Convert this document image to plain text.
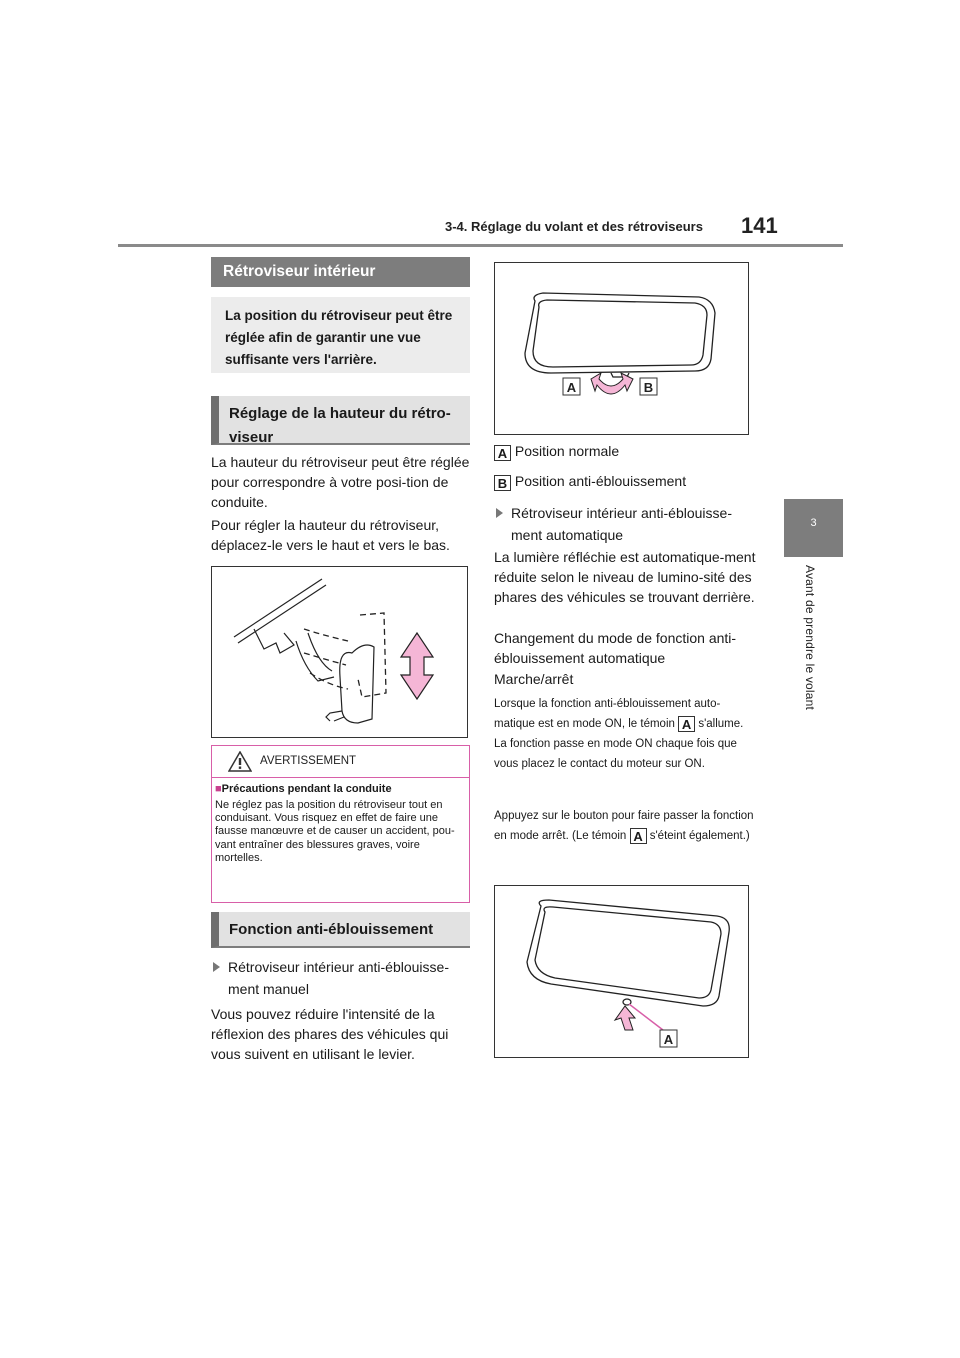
3-4. Réglage du volant et des rétroviseurs 141
3
Avant de prendre le volant
Rétroviseur intérieur
La position du rétroviseur peut être réglée afin de garantir une vue suffisante vers l'arrière.
Réglage de la hauteur du rétro-viseur
La hauteur du rétroviseur peut être réglée pour correspondre à votre posi-tion de conduite.
Pour régler la hauteur du rétroviseur, déplacez-le vers le haut et vers le bas.
AVERTISSEMENT
■Précautions pendant la conduite
Ne réglez pas la position du rétroviseur tout en conduisant. Vous risquez en effet de faire une fausse manœuvre et de causer un accident, pou-vant entraîner des blessures graves, voire mortelles.
Fonction anti-éblouissement
Rétroviseur intérieur anti-éblouisse-
ment manuel
Vous pouvez réduire l'intensité de la réflexion des phares des véhicules qui vous suivent en utilisant le levier.
A	B
A Position normale
B Position anti-éblouissement
Rétroviseur intérieur anti-éblouisse-
ment automatique
La lumière réfléchie est automatique-ment réduite selon le niveau de lumino-sité des phares des véhicules se trouvant derrière.
Changement du mode de fonction anti-éblouissement automatique
Marche/arrêt
Lorsque la fonction anti-éblouissement auto-matique est en mode ON, le témoin A s'allume. La fonction passe en mode ON chaque fois que vous placez le contact du moteur sur ON.
Appuyez sur le bouton pour faire passer la fonction en mode arrêt. (Le témoin A s'éteint également.)
A
